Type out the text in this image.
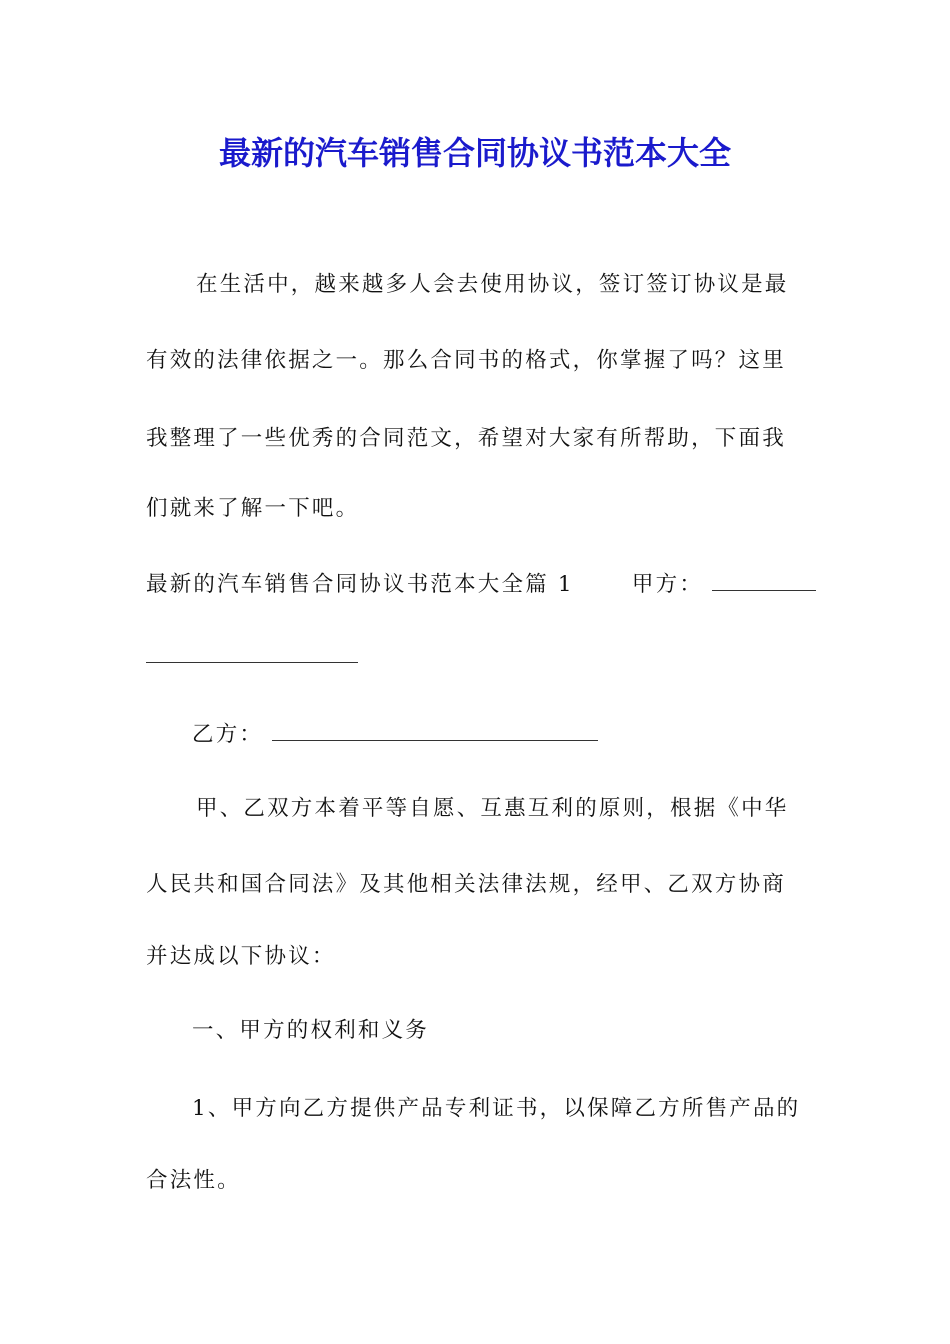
最新的汽车销售合同协议书范本大全
在生活中，越来越多人会去使用协议，签订签订协议是最
有效的法律依据之一。那么合同书的格式，你掌握了吗？这里
我整理了一些优秀的合同范文，希望对大家有所帮助，下面我
们就来了解一下吧。
最新的汽车销售合同协议书范本大全篇 1	甲方：
乙方：
甲、乙双方本着平等自愿、互惠互利的原则，根据《中华
人民共和国合同法》及其他相关法律法规，经甲、乙双方协商
并达成以下协议：
一、甲方的权利和义务
1、甲方向乙方提供产品专利证书，以保障乙方所售产品的
合法性。
